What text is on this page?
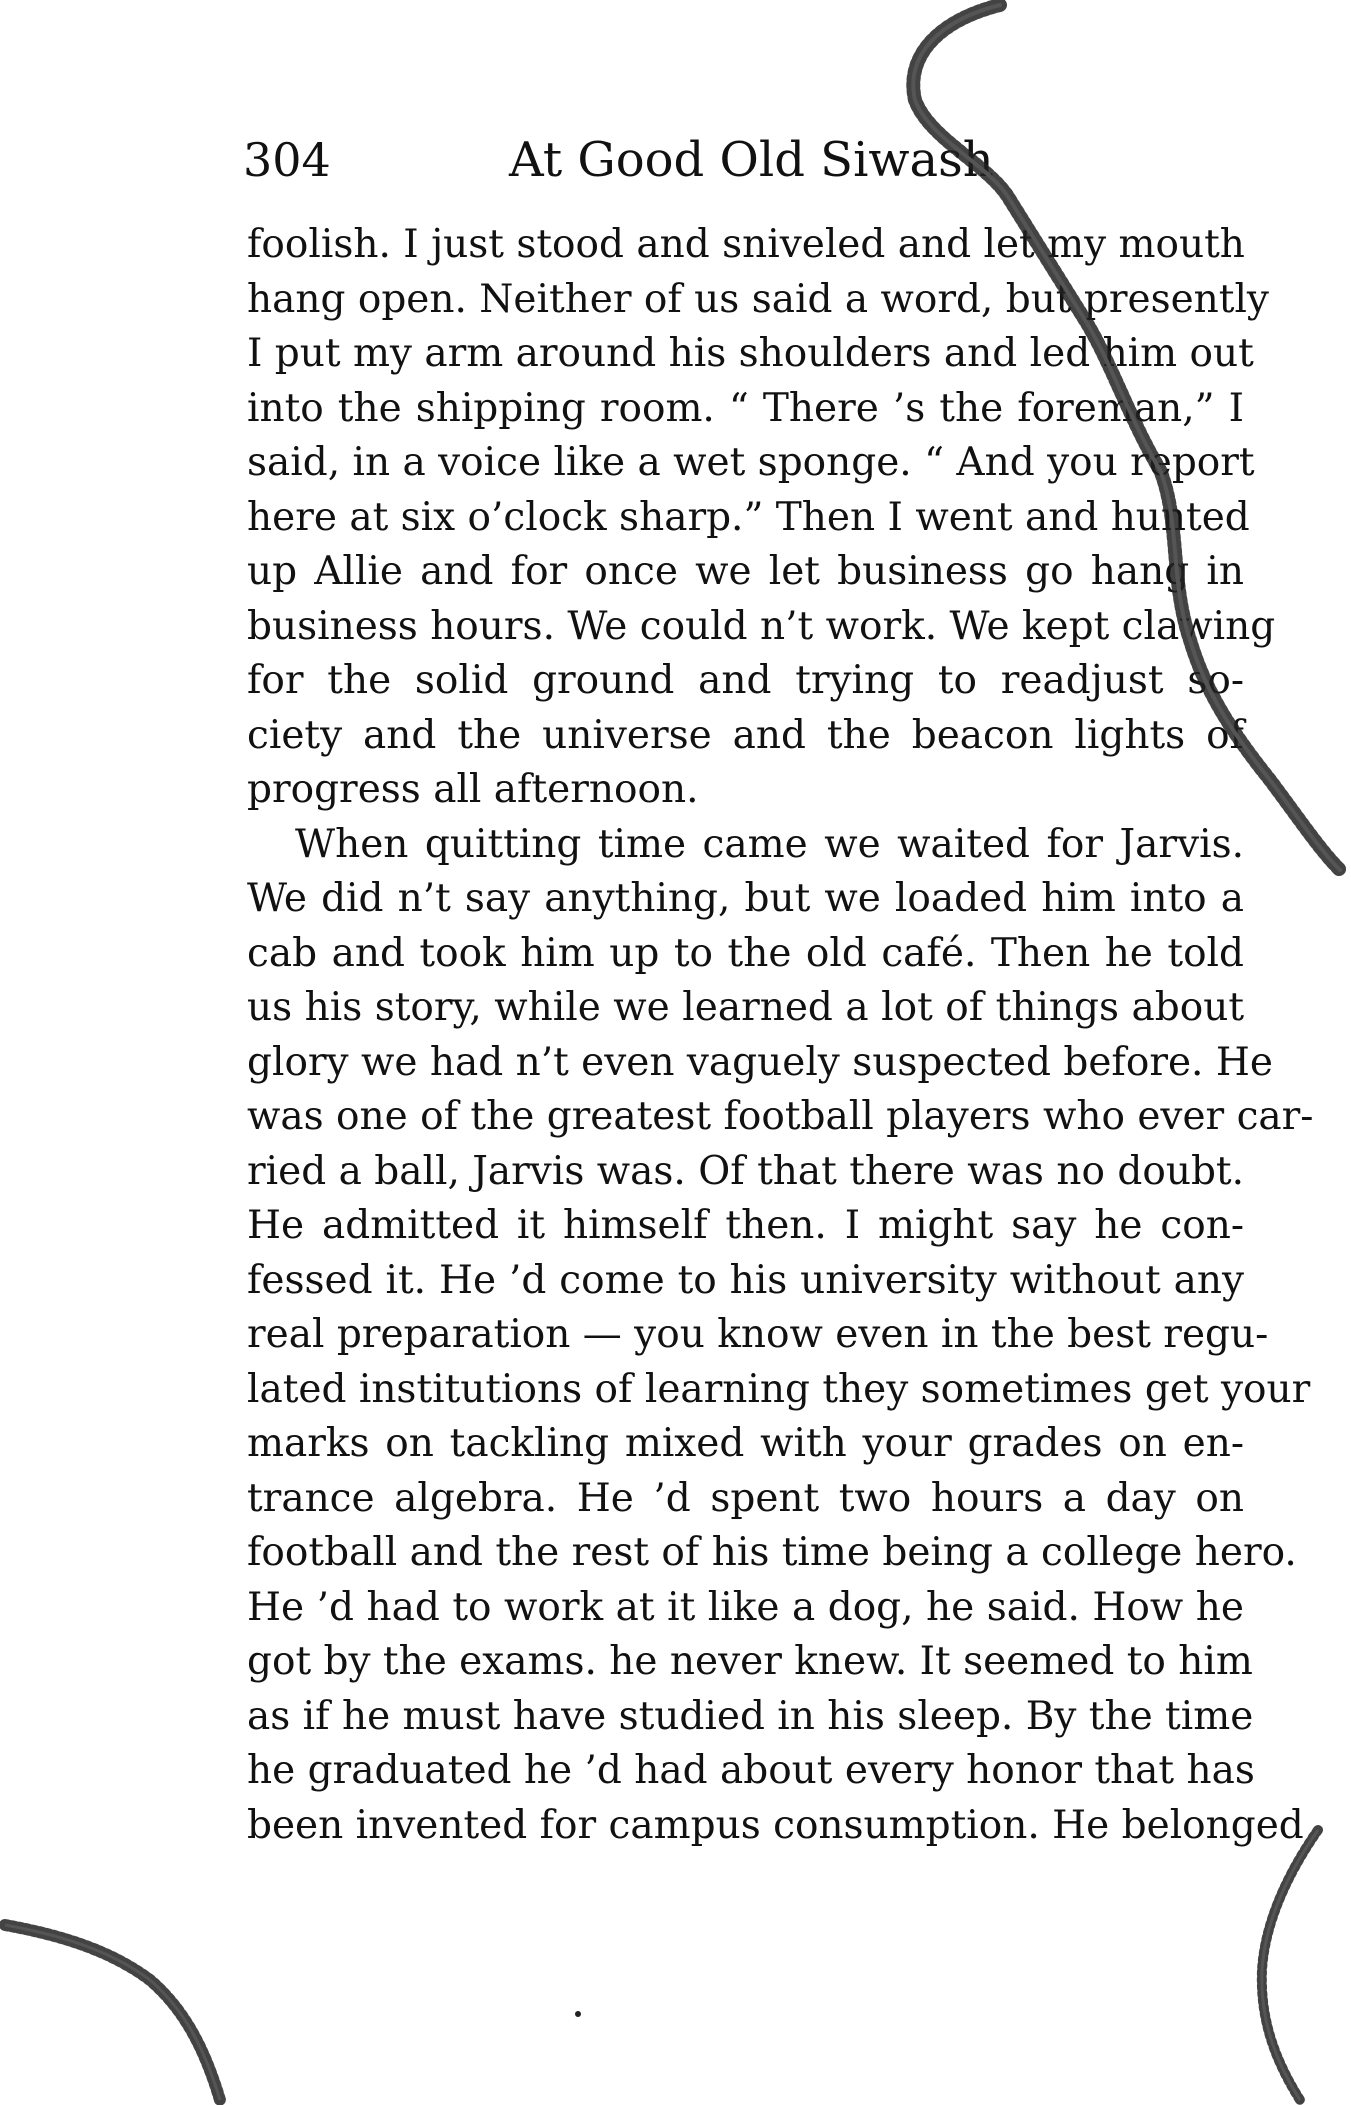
304	At Good Old Siwash
foolish. I just stood and sniveled and let my mouth
hang open. Neither of us said a word, but presently
I put my arm around his shoulders and led him out
into the shipping room. “ There ’s the foreman,” I
said, in a voice like a wet sponge. “ And you report
here at six o’clock sharp.” Then I went and hunted
up Allie and for once we let business go hang in
business hours. We could n’t work. We kept clawing
for the solid ground and trying to readjust so-
ciety and the universe and the beacon lights of
progress all afternoon.
When quitting time came we waited for Jarvis.
We did n’t say anything, but we loaded him into a
cab and took him up to the old café. Then he told
us his story, while we learned a lot of things about
glory we had n’t even vaguely suspected before. He
was one of the greatest football players who ever car-
ried a ball, Jarvis was. Of that there was no doubt.
He admitted it himself then. I might say he con-
fessed it. He ’d come to his university without any
real preparation — you know even in the best regu-
lated institutions of learning they sometimes get your
marks on tackling mixed with your grades on en-
trance algebra. He ’d spent two hours a day on
football and the rest of his time being a college hero.
He ’d had to work at it like a dog, he said. How he
got by the exams. he never knew. It seemed to him
as if he must have studied in his sleep. By the time
he graduated he ’d had about every honor that has
been invented for campus consumption. He belonged
